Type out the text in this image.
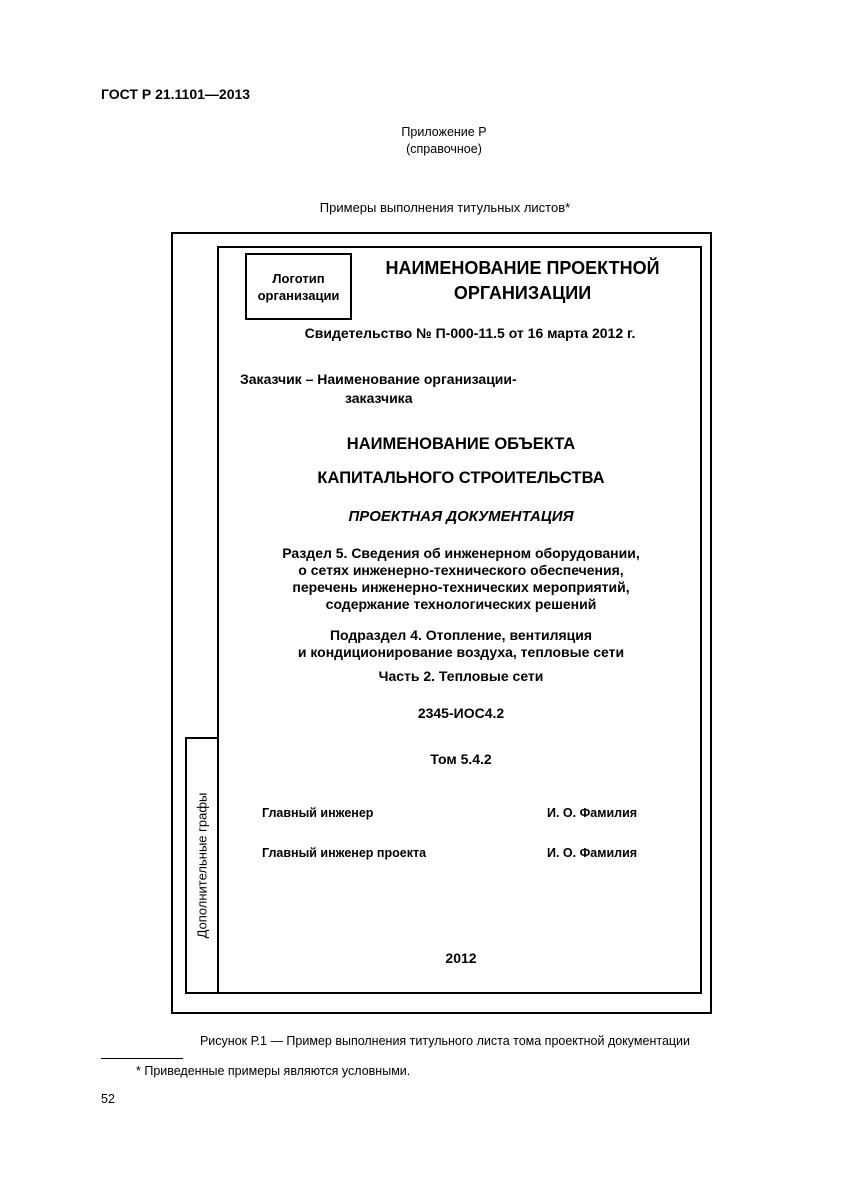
ГОСТ Р 21.1101—2013
Приложение Р
(справочное)
Примеры выполнения титульных листов*
Дополнительные графы
Логотип
организации
НАИМЕНОВАНИЕ ПРОЕКТНОЙ
ОРГАНИЗАЦИИ
Свидетельство № П-000-11.5 от 16 марта 2012 г.
Заказчик – Наименование организации-
заказчика
НАИМЕНОВАНИЕ ОБЪЕКТА
КАПИТАЛЬНОГО СТРОИТЕЛЬСТВА
ПРОЕКТНАЯ ДОКУМЕНТАЦИЯ
Раздел 5. Сведения об инженерном оборудовании,
о сетях инженерно-технического обеспечения,
перечень инженерно-технических мероприятий,
содержание технологических решений
Подраздел 4. Отопление, вентиляция
и кондиционирование воздуха, тепловые сети
Часть 2. Тепловые сети
2345-ИОС4.2
Том 5.4.2
Главный инженер	И. О. Фамилия
Главный инженер проекта	И. О. Фамилия
2012
Рисунок Р.1 — Пример выполнения титульного листа тома проектной документации
* Приведенные примеры являются условными.
52
